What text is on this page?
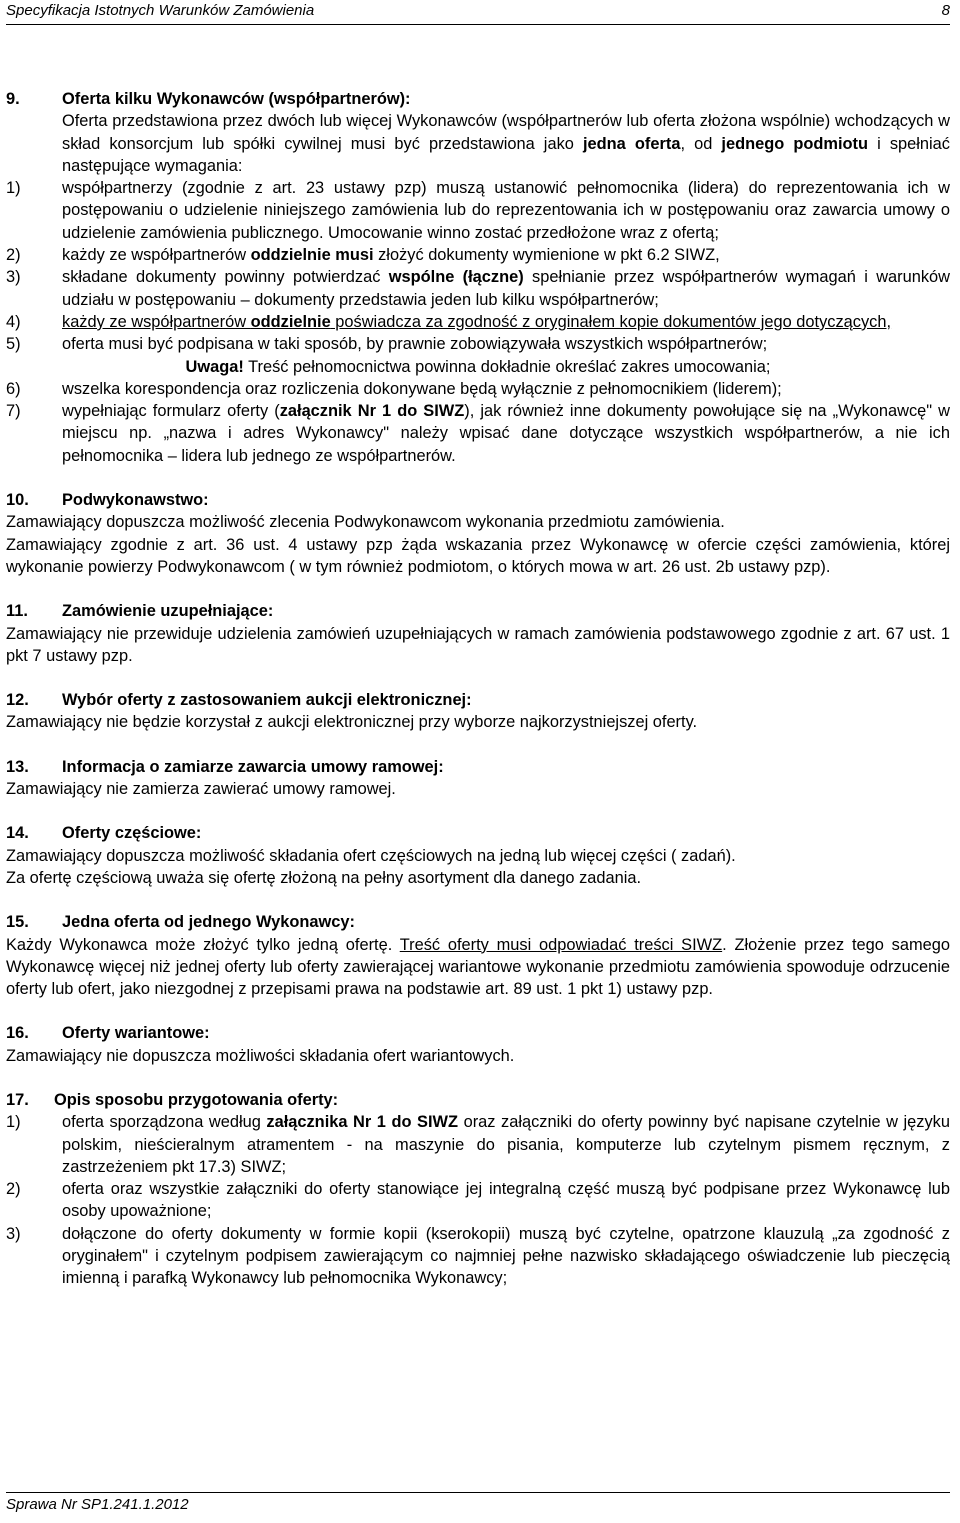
Specyfikacja Istotnych Warunków Zamówienia	8
9.	Oferta kilku Wykonawców (współpartnerów):
Oferta przedstawiona przez dwóch lub więcej Wykonawców (współpartnerów lub oferta złożona wspólnie) wchodzących w skład konsorcjum lub spółki cywilnej musi być przedstawiona jako jedna oferta, od jednego podmiotu i spełniać następujące wymagania:
1)	współpartnerzy (zgodnie z art. 23 ustawy pzp) muszą ustanowić pełnomocnika (lidera) do reprezentowania ich w postępowaniu o udzielenie niniejszego zamówienia lub do reprezentowania ich w postępowaniu oraz zawarcia umowy o udzielenie zamówienia publicznego. Umocowanie winno zostać przedłożone wraz z ofertą;
2)	każdy ze współpartnerów oddzielnie musi złożyć dokumenty wymienione w pkt 6.2 SIWZ,
3)	składane dokumenty powinny potwierdzać wspólne (łączne) spełnianie przez współpartnerów wymagań i warunków udziału w postępowaniu – dokumenty przedstawia jeden lub kilku współpartnerów;
4)	każdy ze współpartnerów oddzielnie poświadcza za zgodność z oryginałem kopie dokumentów jego dotyczących,
5)	oferta musi być podpisana w taki sposób, by prawnie zobowiązywała wszystkich współpartnerów;
Uwaga! Treść pełnomocnictwa powinna dokładnie określać zakres umocowania;
6)	wszelka korespondencja oraz rozliczenia dokonywane będą wyłącznie z pełnomocnikiem (liderem);
7)	wypełniając formularz oferty (załącznik Nr 1 do SIWZ), jak również inne dokumenty powołujące się na „Wykonawcę" w miejscu np. „nazwa i adres Wykonawcy" należy wpisać dane dotyczące wszystkich współpartnerów, a nie ich pełnomocnika – lidera lub jednego ze współpartnerów.
10. Podwykonawstwo:
Zamawiający dopuszcza możliwość zlecenia Podwykonawcom wykonania przedmiotu zamówienia.
Zamawiający zgodnie z art. 36 ust. 4 ustawy pzp żąda wskazania przez Wykonawcę w ofercie części zamówienia, której wykonanie powierzy Podwykonawcom ( w tym również podmiotom, o których mowa w art. 26 ust. 2b ustawy pzp).
11. Zamówienie uzupełniające:
Zamawiający nie przewiduje udzielenia zamówień uzupełniających w ramach zamówienia podstawowego zgodnie z art. 67 ust. 1 pkt 7 ustawy pzp.
12. Wybór oferty z zastosowaniem aukcji elektronicznej:
Zamawiający nie będzie korzystał z aukcji elektronicznej przy wyborze najkorzystniejszej oferty.
13. Informacja o zamiarze zawarcia umowy ramowej:
Zamawiający nie zamierza zawierać umowy ramowej.
14. Oferty częściowe:
Zamawiający dopuszcza możliwość składania ofert częściowych na jedną lub więcej części ( zadań).
Za ofertę częściową uważa się ofertę złożoną na pełny asortyment dla danego zadania.
15. Jedna oferta od jednego Wykonawcy:
Każdy Wykonawca może złożyć tylko jedną ofertę. Treść oferty musi odpowiadać treści SIWZ. Złożenie przez tego samego Wykonawcę więcej niż jednej oferty lub oferty zawierającej wariantowe wykonanie przedmiotu zamówienia spowoduje odrzucenie oferty lub ofert, jako niezgodnej z przepisami prawa na podstawie art. 89 ust. 1 pkt 1) ustawy pzp.
16. Oferty wariantowe:
Zamawiający nie dopuszcza możliwości składania ofert wariantowych.
17. Opis sposobu przygotowania oferty:
1)	oferta sporządzona według załącznika Nr 1 do SIWZ oraz załączniki do oferty powinny być napisane czytelnie w języku polskim, nieścieralnym atramentem - na maszynie do pisania, komputerze lub czytelnym pismem ręcznym, z zastrzeżeniem pkt 17.3) SIWZ;
2)	oferta oraz wszystkie załączniki do oferty stanowiące jej integralną część muszą być podpisane przez Wykonawcę lub osoby upoważnione;
3)	dołączone do oferty dokumenty w formie kopii (kserokopii) muszą być czytelne, opatrzone klauzulą „za zgodność z oryginałem" i czytelnym podpisem zawierającym co najmniej pełne nazwisko składającego oświadczenie lub pieczęcią imienną i parafką Wykonawcy lub pełnomocnika Wykonawcy;
Sprawa Nr SP1.241.1.2012
